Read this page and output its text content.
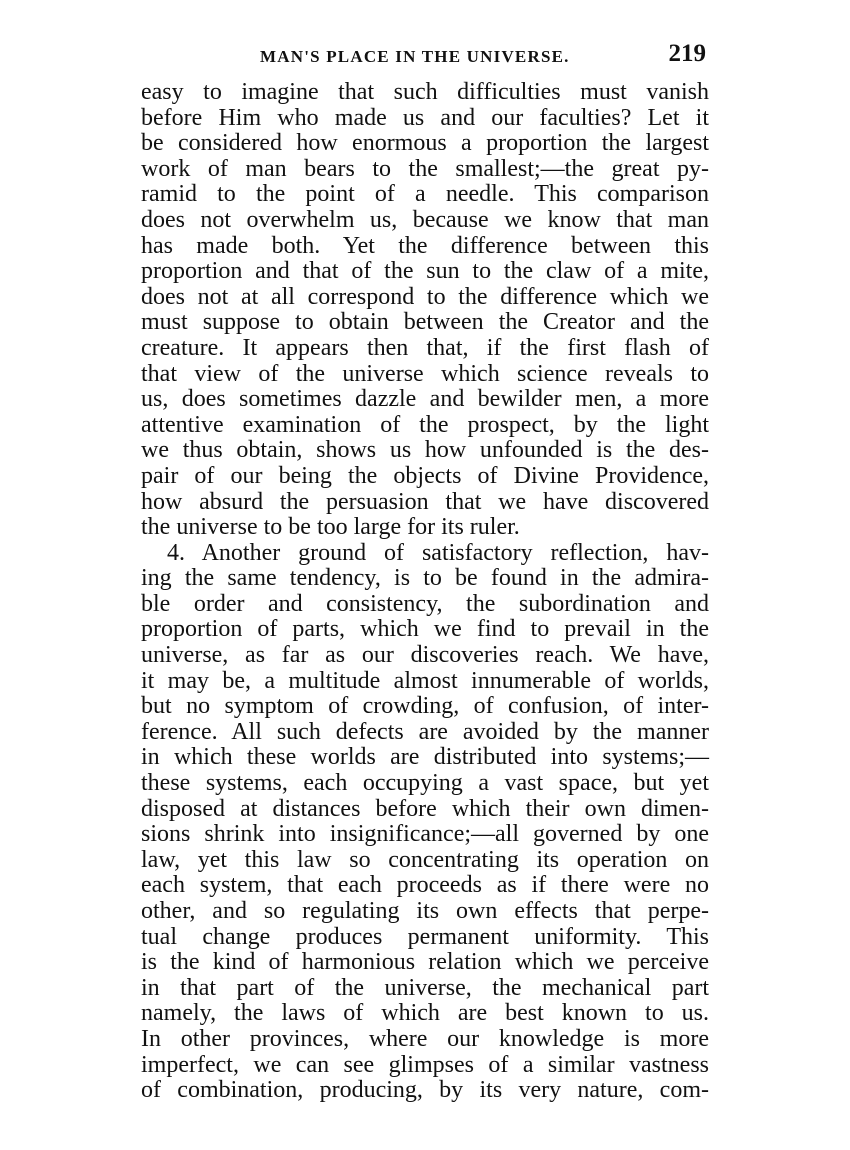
MAN'S PLACE IN THE UNIVERSE.	219
easy to imagine that such difficulties must vanish
before Him who made us and our faculties? Let it
be considered how enormous a proportion the largest
work of man bears to the smallest;—the great py-
ramid to the point of a needle. This comparison
does not overwhelm us, because we know that man
has made both. Yet the difference between this
proportion and that of the sun to the claw of a mite,
does not at all correspond to the difference which we
must suppose to obtain between the Creator and the
creature. It appears then that, if the first flash of
that view of the universe which science reveals to
us, does sometimes dazzle and bewilder men, a more
attentive examination of the prospect, by the light
we thus obtain, shows us how unfounded is the des-
pair of our being the objects of Divine Providence,
how absurd the persuasion that we have discovered
the universe to be too large for its ruler.
4. Another ground of satisfactory reflection, hav-
ing the same tendency, is to be found in the admira-
ble order and consistency, the subordination and
proportion of parts, which we find to prevail in the
universe, as far as our discoveries reach. We have,
it may be, a multitude almost innumerable of worlds,
but no symptom of crowding, of confusion, of inter-
ference. All such defects are avoided by the manner
in which these worlds are distributed into systems;—
these systems, each occupying a vast space, but yet
disposed at distances before which their own dimen-
sions shrink into insignificance;—all governed by one
law, yet this law so concentrating its operation on
each system, that each proceeds as if there were no
other, and so regulating its own effects that perpe-
tual change produces permanent uniformity. This
is the kind of harmonious relation which we perceive
in that part of the universe, the mechanical part
namely, the laws of which are best known to us.
In other provinces, where our knowledge is more
imperfect, we can see glimpses of a similar vastness
of combination, producing, by its very nature, com-
